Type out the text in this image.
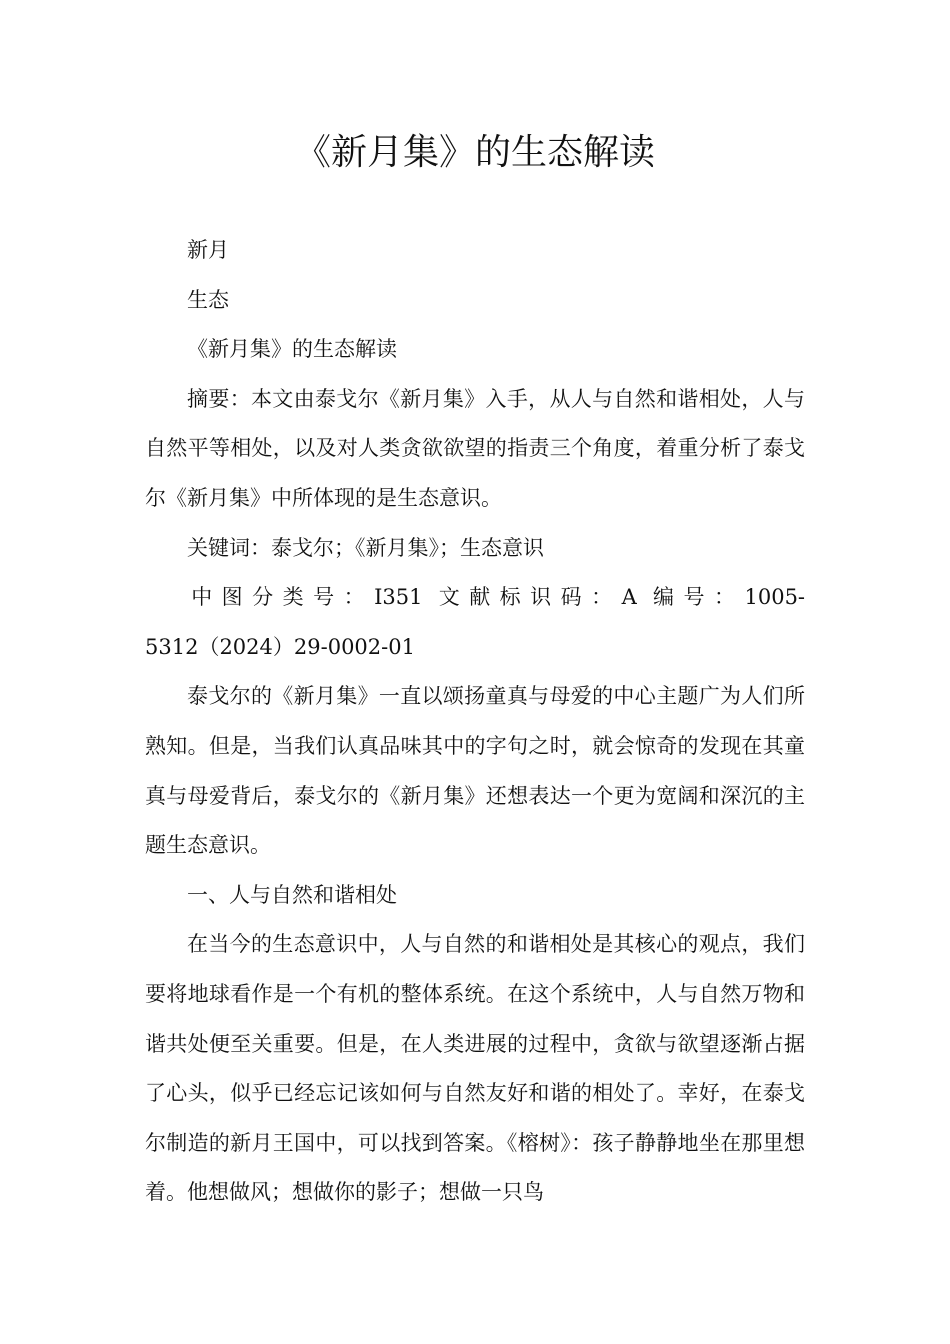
《新月集》的生态解读

新月

生态

《新月集》的生态解读

摘要：本文由泰戈尔《新月集》入手，从人与自然和谐相处，人与自然平等相处，以及对人类贪欲欲望的指责三个角度，着重分析了泰戈尔《新月集》中所体现的是生态意识。

关键词：泰戈尔；《新月集》；生态意识

中图分类号：I351 文献标识码：A 编号：1005-5312（2024）29-0002-01

泰戈尔的《新月集》一直以颂扬童真与母爱的中心主题广为人们所熟知。但是，当我们认真品味其中的字句之时，就会惊奇的发现在其童真与母爱背后，泰戈尔的《新月集》还想表达一个更为宽阔和深沉的主题生态意识。

一、人与自然和谐相处

在当今的生态意识中，人与自然的和谐相处是其核心的观点，我们要将地球看作是一个有机的整体系统。在这个系统中，人与自然万物和谐共处便至关重要。但是，在人类进展的过程中，贪欲与欲望逐渐占据了心头，似乎已经忘记该如何与自然友好和谐的相处了。幸好，在泰戈尔制造的新月王国中，可以找到答案。《榕树》：孩子静静地坐在那里想着。他想做风；想做你的影子；想做一只鸟
